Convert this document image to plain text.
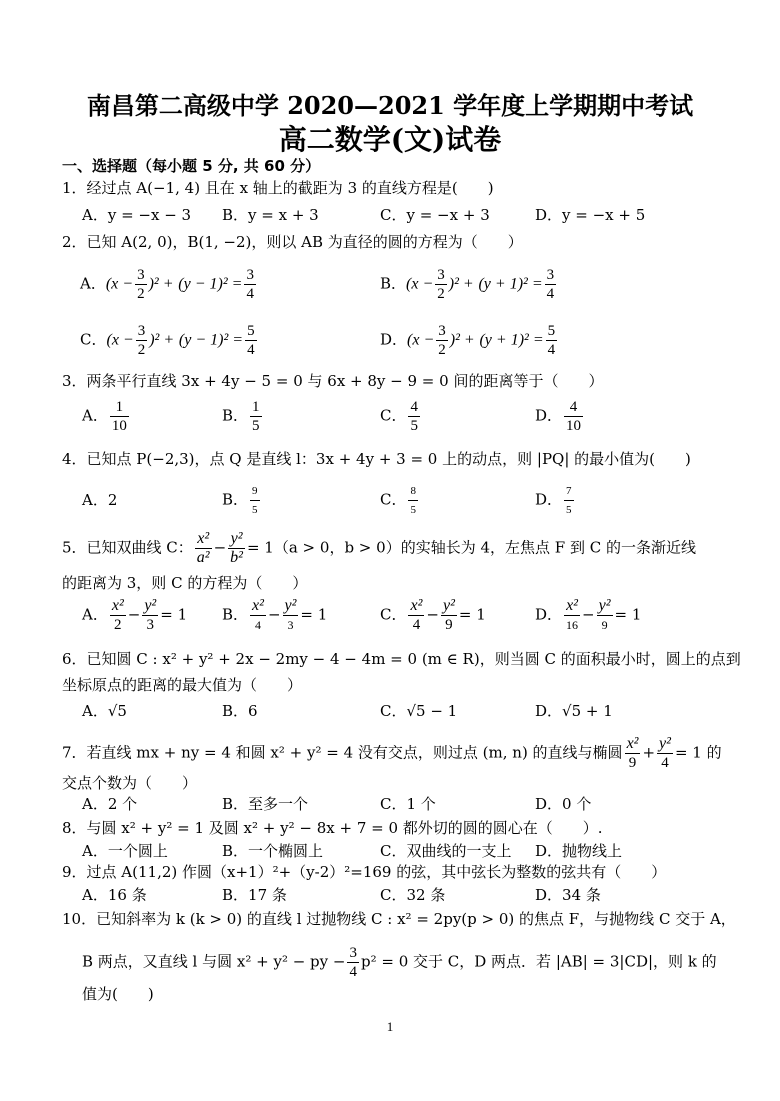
南昌第二高级中学 2020—2021 学年度上学期期中考试
高二数学(文)试卷
一、选择题（每小题 5 分, 共 60 分）
1．经过点 A(−1, 4) 且在 x 轴上的截距为 3 的直线方程是(　　)
A．y = −x − 3 B．y = x + 3	C．y = −x + 3	D．y = −x + 5
2．已知 A(2, 0)，B(1, −2)，则以 AB 为直径的圆的方程为（　　）
A．$(x - \frac{3}{2} )^2 + (y - 1)^2 = \frac{3}{4}$	B．$(x - \frac{3}{2} )^2 + (y + 1)^2 = \frac{3}{4}$
C．$(x - \frac{3}{2} )^2 + (y - 1)^2 = \frac{5}{4}$	D．$(x - \frac{3}{2} )^2 + (y + 1)^2 = \frac{5}{4}$
3．两条平行直线 3x + 4y − 5 = 0 与 6x + 8y − 9 = 0 间的距离等于（　　）
A． $\frac{1}{10}$	B． $\frac{1}{5}$	C． $\frac{4}{5}$	D． $\frac{4}{10}$
4．已知点 P(−2,3)，点 Q 是直线 l：3x + 4y + 3 = 0 上的动点，则 |PQ| 的最小值为(　　)
A．2	B． $\frac{9}{5}$	C． $\frac{8}{5}$	D． $\frac{7}{5}$
5．已知双曲线 C： $\frac{\text{x²}}{\text{a²}} - \frac{\text{y²}}{\text{b²}} = 1(a > 0$，b > 0）的实轴长为 4，左焦点 F 到 C 的一条渐近线
的距离为 3，则 C 的方程为（　　）
A． $\frac{\text{x²}}{2} - \frac{\text{y²}}{3} = 1$ B． x²
4
− y²
3
= 1	C． $\frac{\text{x²}}{4} - \frac{\text{y²}}{9} = 1$	D． x²
16
− y²
9
= 1
6．已知圆 C : x² + y² + 2x − 2my − 4 − 4m = 0 (m ∈ R)，则当圆 C 的面积最小时，圆上的点到
坐标原点的距离的最大值为（　　）
A．√5	B．6	C．√5 − 1	D．√5 + 1
7．若直线 mx + ny = 4 和圆 x² + y² = 4 没有交点，则过点 (m, n) 的直线与椭圆 $\frac{\text{x²}}{9} + \frac{\text{y²}}{4} = 1$ 的
交点个数为（　　）
A．2 个	B．至多一个	C．1 个	D．0 个
8．与圆 x² + y² = 1 及圆 x² + y² − 8x + 7 = 0 都外切的圆的圆心在（　　）.
A．一个圆上	B．一个椭圆上	C．双曲线的一支上 D．抛物线上
9．过点 A(11,2) 作圆（x+1）²+（y-2）²=169 的弦，其中弦长为整数的弦共有（　　）
A．16 条	B．17 条	C．32 条	D．34 条
10．已知斜率为 k (k > 0) 的直线 l 过抛物线 C : x² = 2py(p > 0) 的焦点 F，与抛物线 C 交于 A，
B 两点，又直线 l 与圆 x² + y² − py − $\frac{3}{4} p^2 = 0$ 交于 C，D 两点．若 |AB| = 3|CD|，则 k 的
值为(　　)
1
